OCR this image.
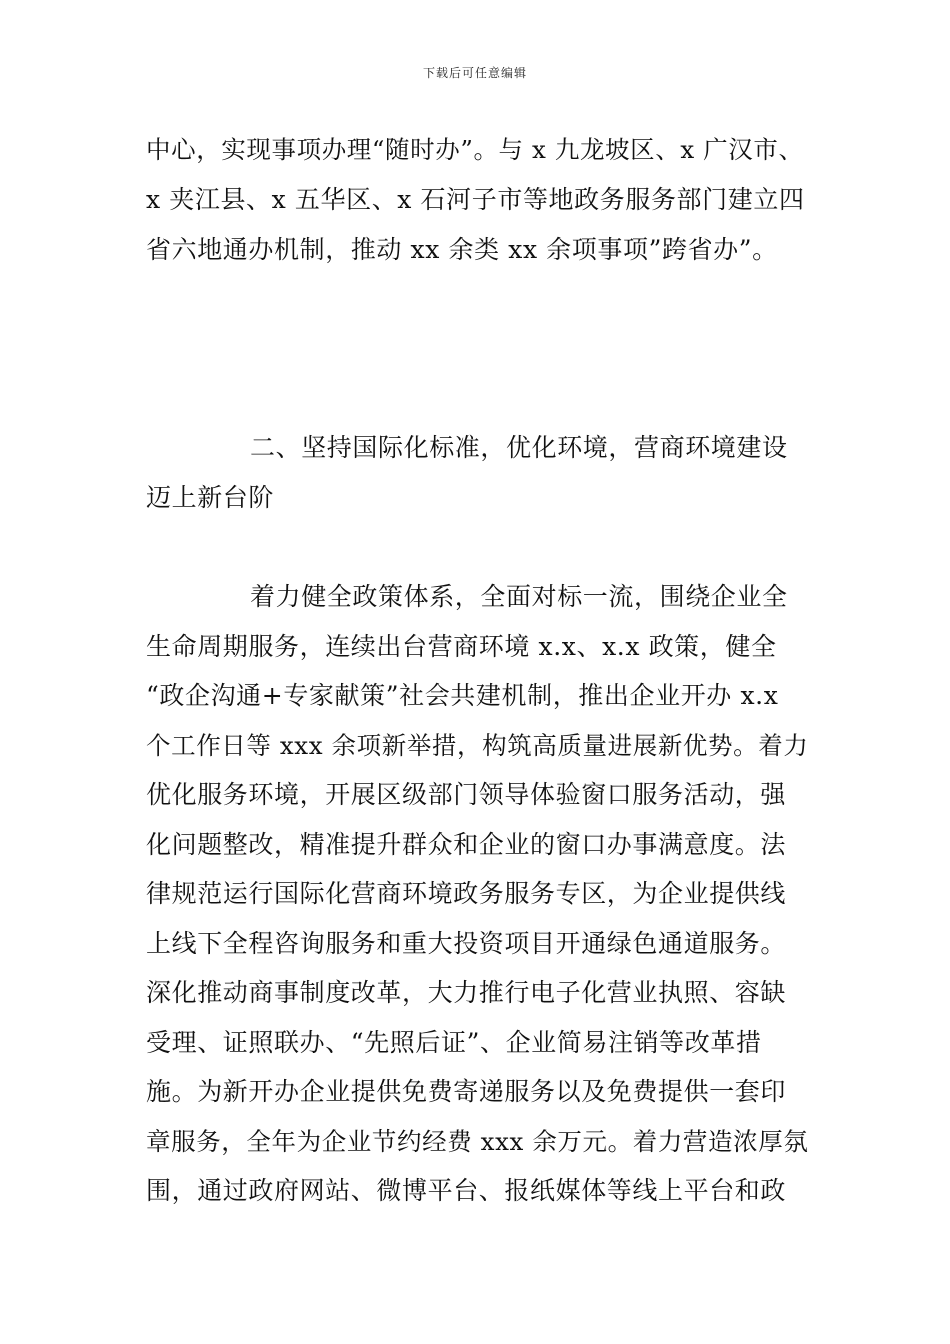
下载后可任意编辑
中心，实现事项办理“随时办”。与 x 九龙坡区、x 广汉市、
x 夹江县、x 五华区、x 石河子市等地政务服务部门建立四
省六地通办机制，推动 xx 余类 xx 余项事项”跨省办”。
二、坚持国际化标准，优化环境，营商环境建设
迈上新台阶
着力健全政策体系，全面对标一流，围绕企业全
生命周期服务，连续出台营商环境 x.x、x.x 政策，健全
“政企沟通+专家献策”社会共建机制，推出企业开办 x.x
个工作日等 xxx 余项新举措，构筑高质量进展新优势。着力
优化服务环境，开展区级部门领导体验窗口服务活动，强
化问题整改，精准提升群众和企业的窗口办事满意度。法
律规范运行国际化营商环境政务服务专区，为企业提供线
上线下全程咨询服务和重大投资项目开通绿色通道服务。
深化推动商事制度改革，大力推行电子化营业执照、容缺
受理、证照联办、“先照后证”、企业简易注销等改革措
施。为新开办企业提供免费寄递服务以及免费提供一套印
章服务，全年为企业节约经费 xxx 余万元。着力营造浓厚氛
围，通过政府网站、微博平台、报纸媒体等线上平台和政
